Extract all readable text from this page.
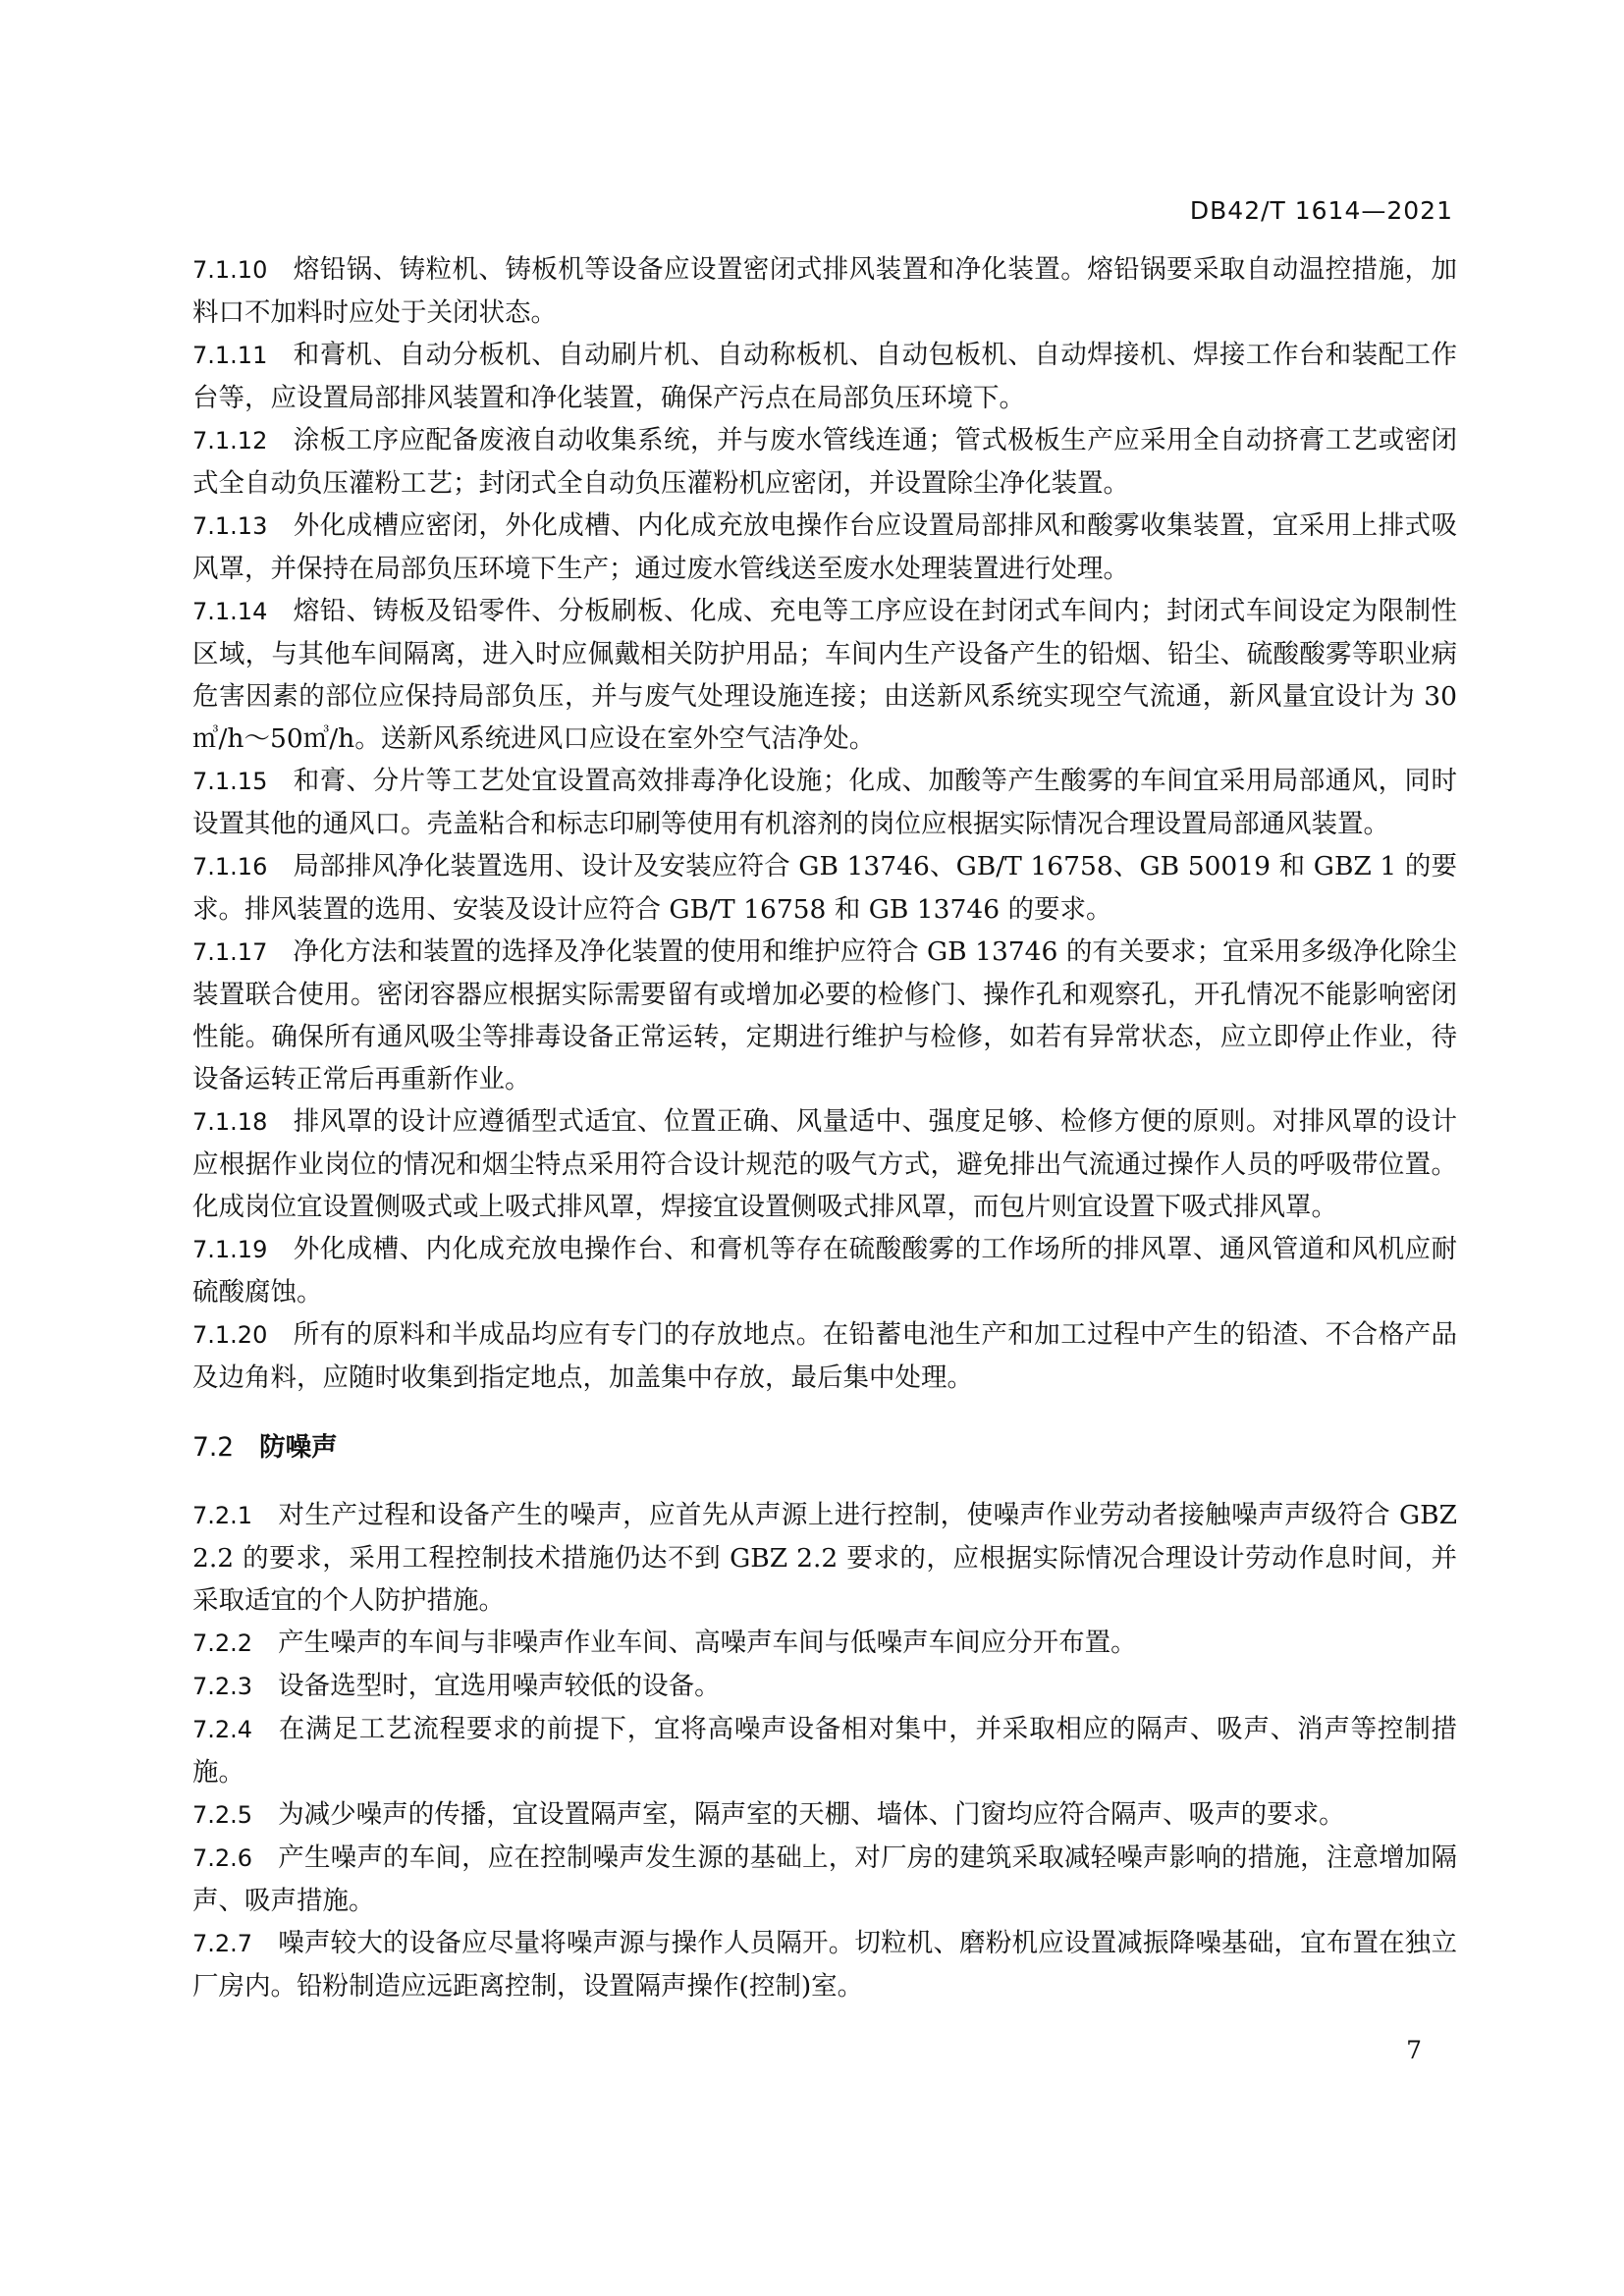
DB42/T 1614—2021

7.1.10 熔铅锅、铸粒机、铸板机等设备应设置密闭式排风装置和净化装置。熔铅锅要采取自动温控措施，加料口不加料时应处于关闭状态。

7.1.11 和膏机、自动分板机、自动刷片机、自动称板机、自动包板机、自动焊接机、焊接工作台和装配工作台等，应设置局部排风装置和净化装置，确保产污点在局部负压环境下。

7.1.12 涂板工序应配备废液自动收集系统，并与废水管线连通；管式极板生产应采用全自动挤膏工艺或密闭式全自动负压灌粉工艺；封闭式全自动负压灌粉机应密闭，并设置除尘净化装置。

7.1.13 外化成槽应密闭，外化成槽、内化成充放电操作台应设置局部排风和酸雾收集装置，宜采用上排式吸风罩，并保持在局部负压环境下生产；通过废水管线送至废水处理装置进行处理。

7.1.14 熔铅、铸板及铅零件、分板刷板、化成、充电等工序应设在封闭式车间内；封闭式车间设定为限制性区域，与其他车间隔离，进入时应佩戴相关防护用品；车间内生产设备产生的铅烟、铅尘、硫酸酸雾等职业病危害因素的部位应保持局部负压，并与废气处理设施连接；由送新风系统实现空气流通，新风量宜设计为 30㎥/h～50㎥/h。送新风系统进风口应设在室外空气洁净处。

7.1.15 和膏、分片等工艺处宜设置高效排毒净化设施；化成、加酸等产生酸雾的车间宜采用局部通风，同时设置其他的通风口。壳盖粘合和标志印刷等使用有机溶剂的岗位应根据实际情况合理设置局部通风装置。

7.1.16 局部排风净化装置选用、设计及安装应符合 GB 13746、GB/T 16758、GB 50019 和 GBZ 1 的要求。排风装置的选用、安装及设计应符合 GB/T 16758 和 GB 13746 的要求。

7.1.17 净化方法和装置的选择及净化装置的使用和维护应符合 GB 13746 的有关要求；宜采用多级净化除尘装置联合使用。密闭容器应根据实际需要留有或增加必要的检修门、操作孔和观察孔，开孔情况不能影响密闭性能。确保所有通风吸尘等排毒设备正常运转，定期进行维护与检修，如若有异常状态，应立即停止作业，待设备运转正常后再重新作业。

7.1.18 排风罩的设计应遵循型式适宜、位置正确、风量适中、强度足够、检修方便的原则。对排风罩的设计应根据作业岗位的情况和烟尘特点采用符合设计规范的吸气方式，避免排出气流通过操作人员的呼吸带位置。化成岗位宜设置侧吸式或上吸式排风罩，焊接宜设置侧吸式排风罩，而包片则宜设置下吸式排风罩。

7.1.19 外化成槽、内化成充放电操作台、和膏机等存在硫酸酸雾的工作场所的排风罩、通风管道和风机应耐硫酸腐蚀。

7.1.20 所有的原料和半成品均应有专门的存放地点。在铅蓄电池生产和加工过程中产生的铅渣、不合格产品及边角料，应随时收集到指定地点，加盖集中存放，最后集中处理。

7.2 防噪声

7.2.1 对生产过程和设备产生的噪声，应首先从声源上进行控制，使噪声作业劳动者接触噪声声级符合 GBZ 2.2 的要求，采用工程控制技术措施仍达不到 GBZ 2.2 要求的，应根据实际情况合理设计劳动作息时间，并采取适宜的个人防护措施。

7.2.2 产生噪声的车间与非噪声作业车间、高噪声车间与低噪声车间应分开布置。

7.2.3 设备选型时，宜选用噪声较低的设备。

7.2.4 在满足工艺流程要求的前提下，宜将高噪声设备相对集中，并采取相应的隔声、吸声、消声等控制措施。

7.2.5 为减少噪声的传播，宜设置隔声室，隔声室的天棚、墙体、门窗均应符合隔声、吸声的要求。

7.2.6 产生噪声的车间，应在控制噪声发生源的基础上，对厂房的建筑采取减轻噪声影响的措施，注意增加隔声、吸声措施。

7.2.7 噪声较大的设备应尽量将噪声源与操作人员隔开。切粒机、磨粉机应设置减振降噪基础，宜布置在独立厂房内。铅粉制造应远距离控制，设置隔声操作(控制)室。

7
